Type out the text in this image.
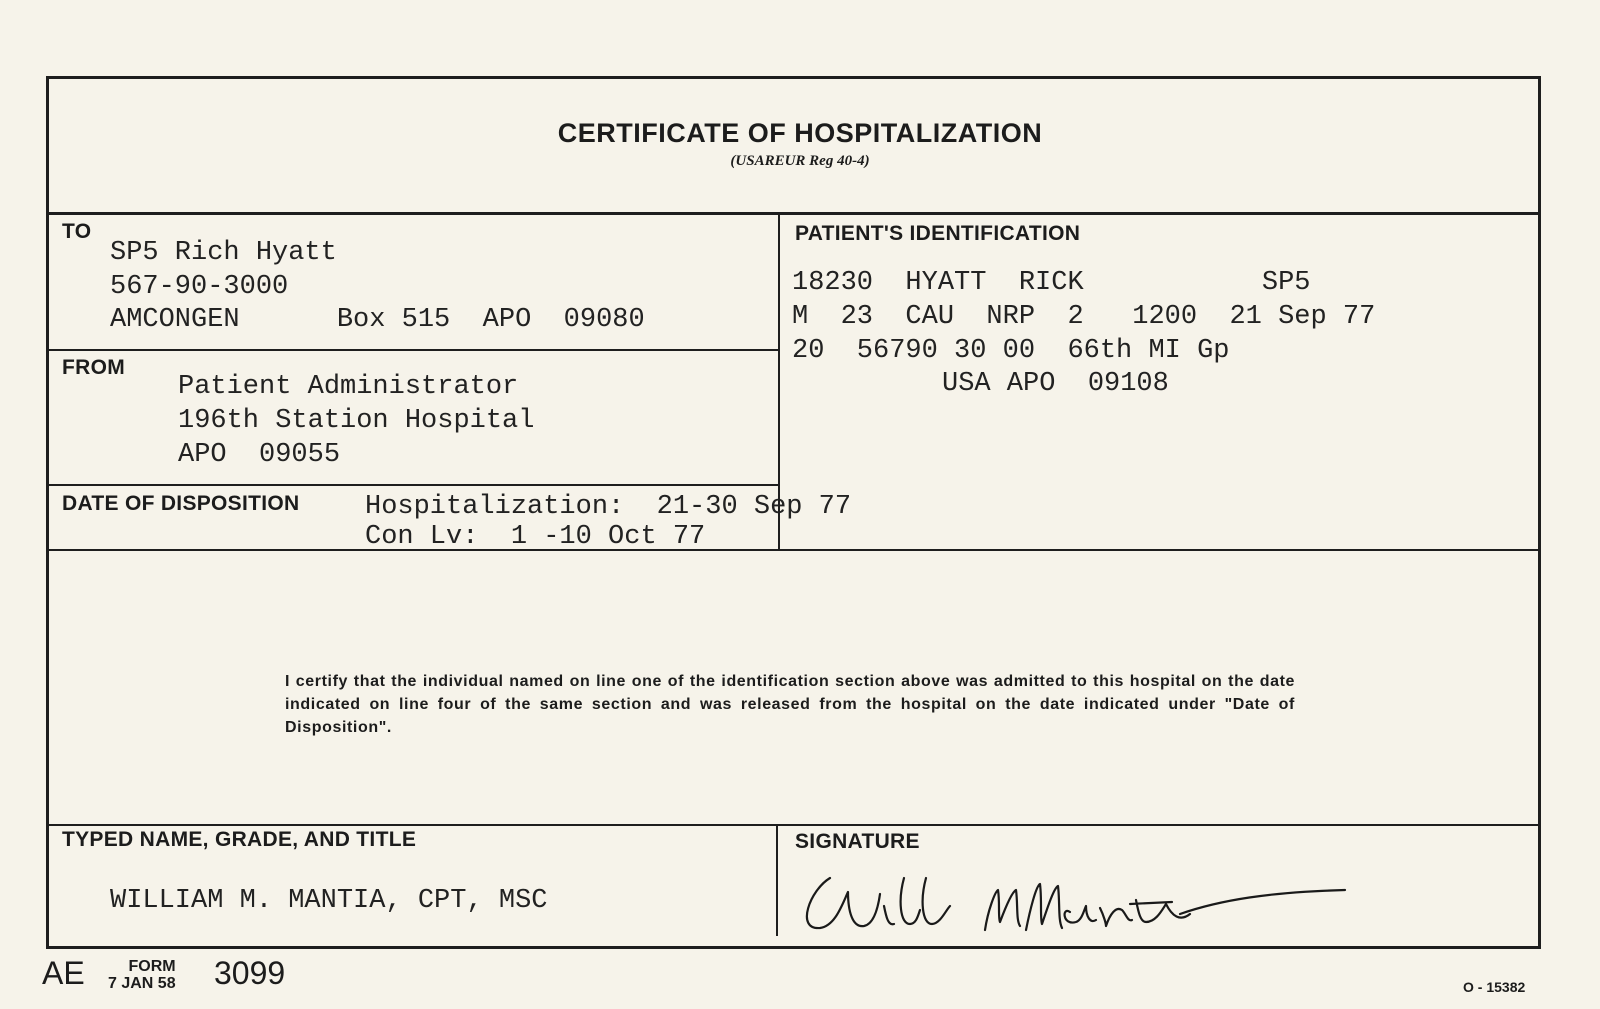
CERTIFICATE OF HOSPITALIZATION
(USAREUR Reg 40-4)
TO
SP5 Rich Hyatt
567-90-3000
AMCONGEN      Box 515  APO  09080
FROM
Patient Administrator
196th Station Hospital
APO  09055
PATIENT'S IDENTIFICATION
18230  HYATT  RICK           SP5
M  23  CAU  NRP  2   1200  21 Sep 77
20  56790 30 00  66th MI Gp
USA APO  09108
DATE OF DISPOSITION Hospitalization:  21-30 Sep 77
Con Lv:  1 -10 Oct 77
I certify that the individual named on line one of the identification section above was admitted to this hospital on the date indicated on line four of the same section and was released from the hospital on the date indicated under "Date of Disposition".
TYPED NAME, GRADE, AND TITLE
WILLIAM M. MANTIA, CPT, MSC
SIGNATURE
AE	FORM
7 JAN 58 3099	O - 15382
